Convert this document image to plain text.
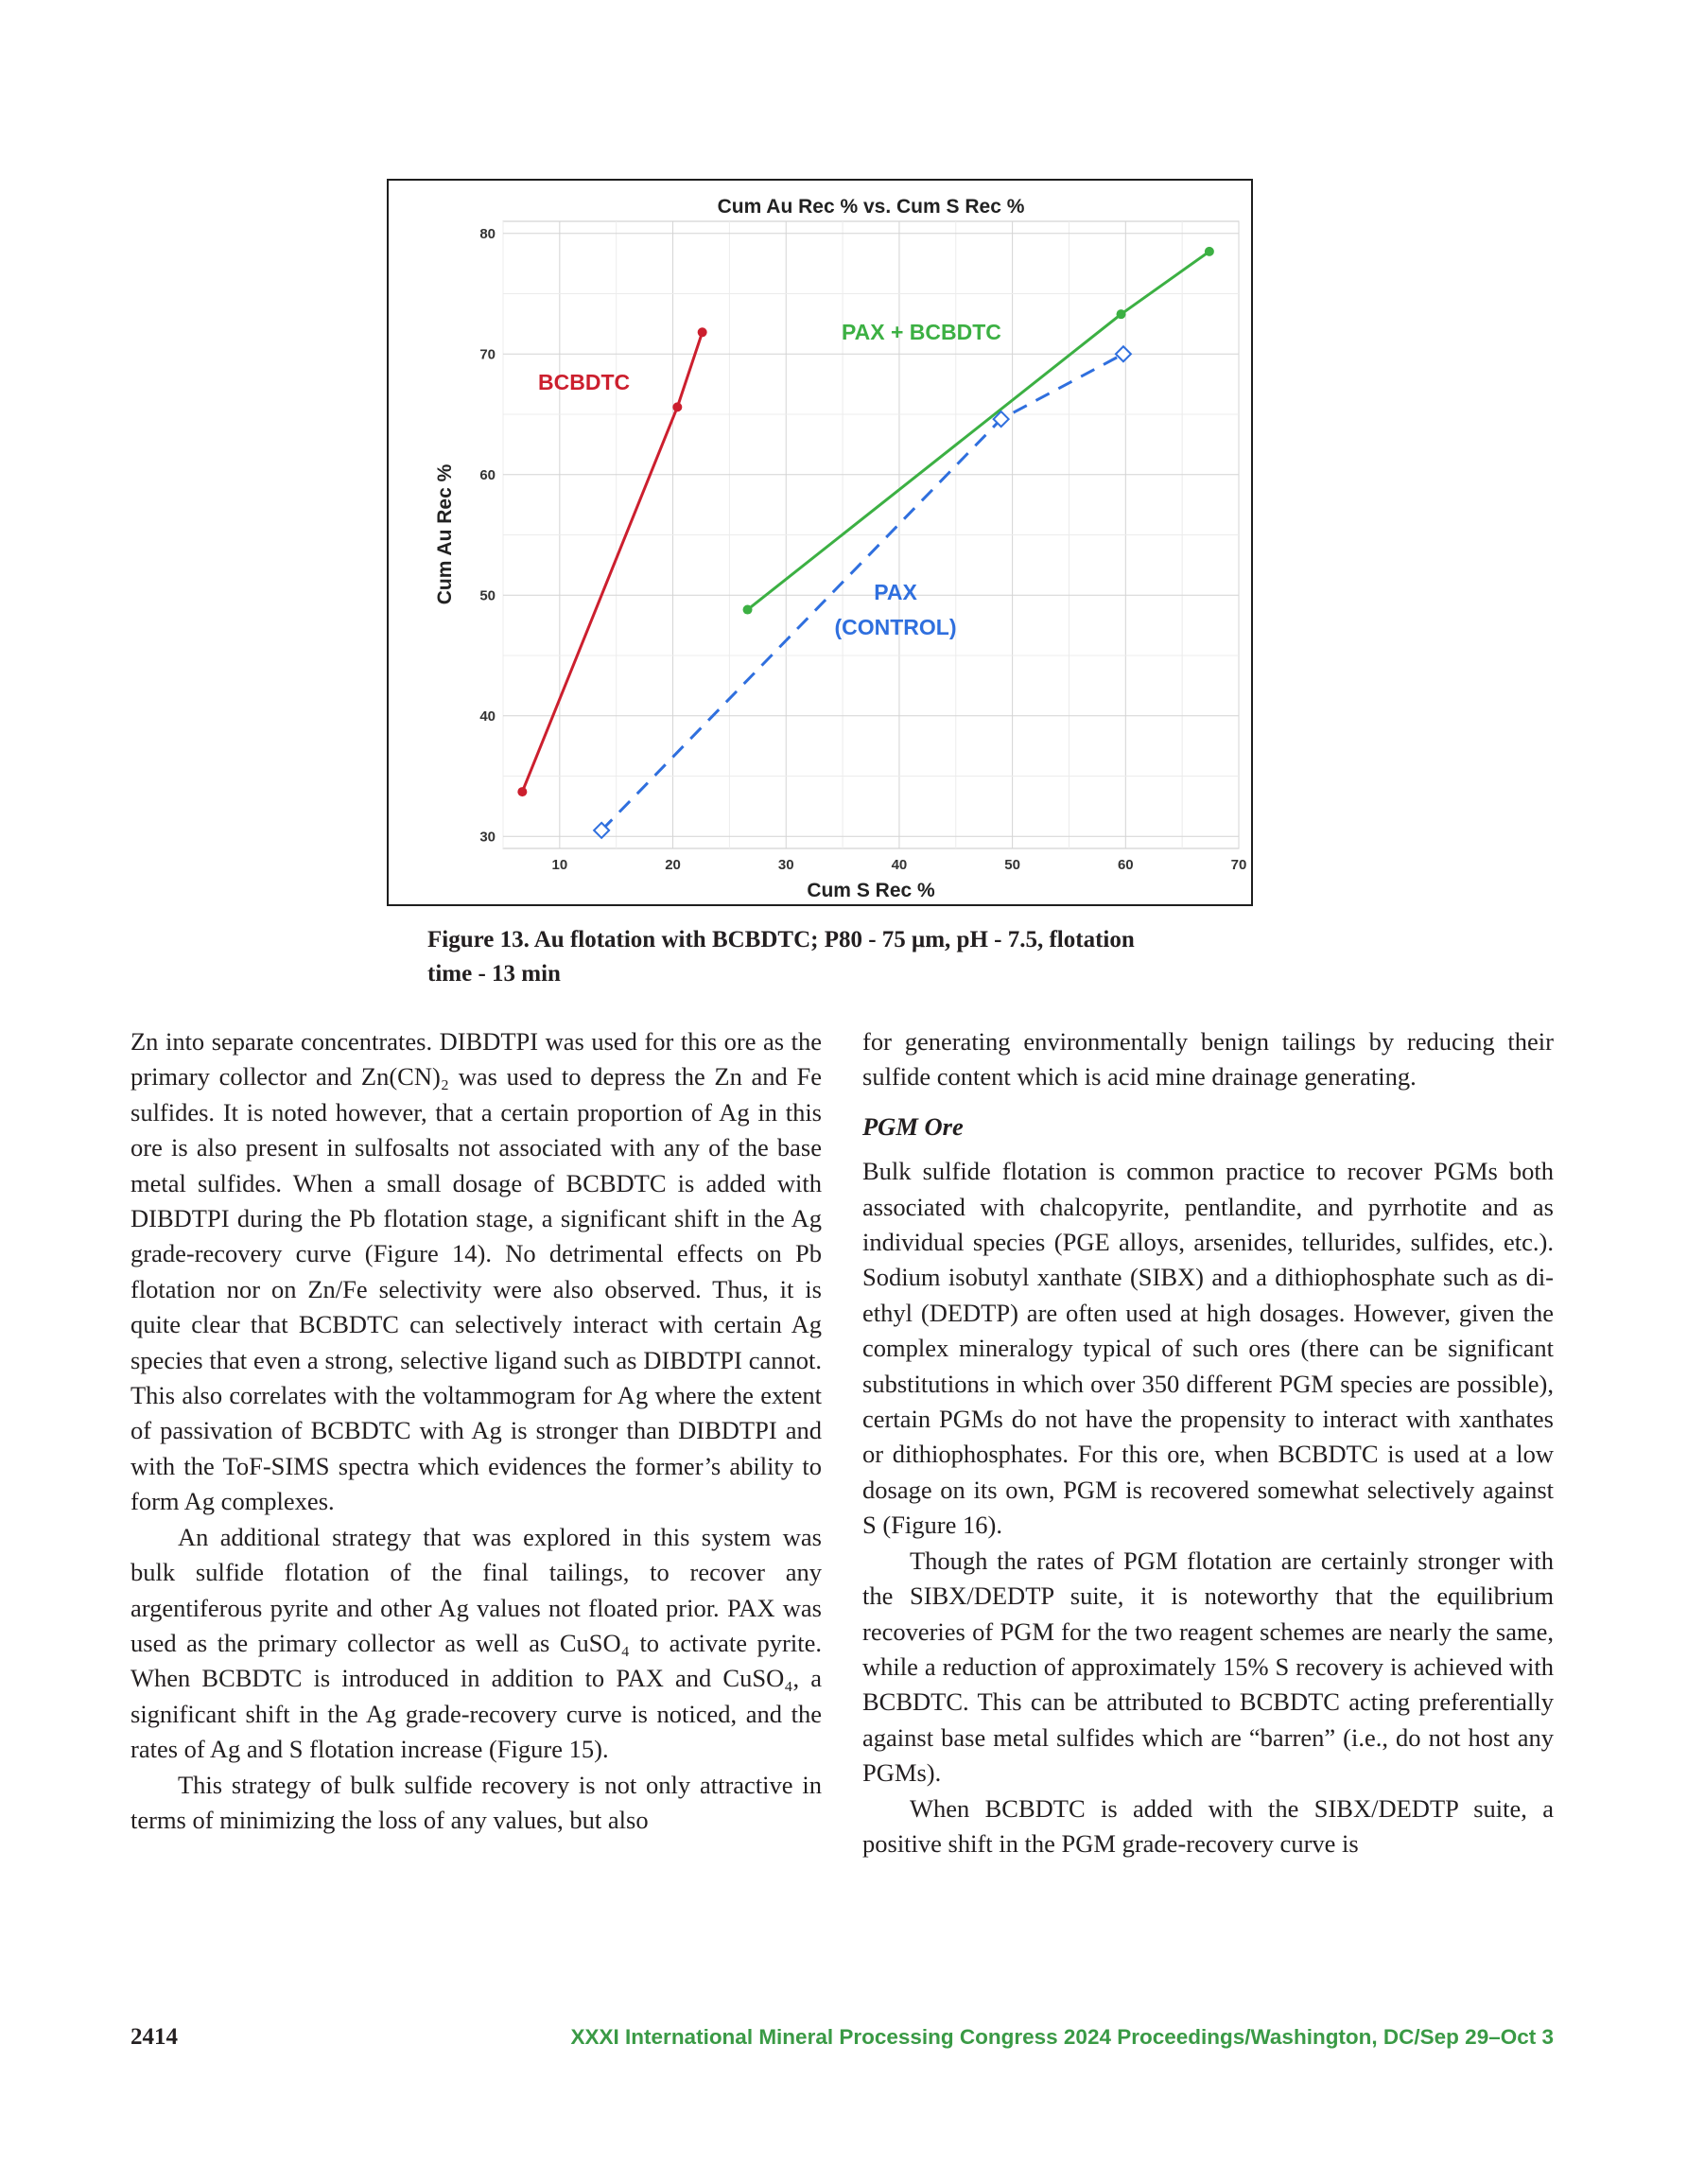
10	20	30	40	50	60	70
30
40
50
60
70
80
Cum Au Rec % vs. Cum S Rec %
Cum S Rec %
Cum Au Rec %
BCBDTC
PAX + BCBDTC
PAX
(CONTROL)
Figure 13. Au flotation with BCBDTC; P80 - 75 μm, pH - 7.5, flotation
time - 13 min

Zn into separate concentrates. DIBDTPI was used for this ore as the primary collector and Zn(CN)₂ was used to depress the Zn and Fe sulfides. It is noted however, that a certain proportion of Ag in this ore is also present in sulfosalts not associated with any of the base metal sulfides. When a small dosage of BCBDTC is added with DIBDTPI during the Pb flotation stage, a significant shift in the Ag grade-recovery curve (Figure 14). No detrimental effects on Pb flotation nor on Zn/Fe selectivity were also observed. Thus, it is quite clear that BCBDTC can selectively interact with certain Ag species that even a strong, selective ligand such as DIBDTPI cannot. This also correlates with the voltammogram for Ag where the extent of passivation of BCBDTC with Ag is stronger than DIBDTPI and with the ToF-SIMS spectra which evidences the former’s ability to form Ag complexes.

An additional strategy that was explored in this system was bulk sulfide flotation of the final tailings, to recover any argentiferous pyrite and other Ag values not floated prior. PAX was used as the primary collector as well as CuSO₄ to activate pyrite. When BCBDTC is introduced in addition to PAX and CuSO₄, a significant shift in the Ag grade-recovery curve is noticed, and the rates of Ag and S flotation increase (Figure 15).

This strategy of bulk sulfide recovery is not only attractive in terms of minimizing the loss of any values, but also

for generating environmentally benign tailings by reducing their sulfide content which is acid mine drainage generating.

PGM Ore

Bulk sulfide flotation is common practice to recover PGMs both associated with chalcopyrite, pentlandite, and pyrrhotite and as individual species (PGE alloys, arsenides, tellurides, sulfides, etc.). Sodium isobutyl xanthate (SIBX) and a dithiophosphate such as di-ethyl (DEDTP) are often used at high dosages. However, given the complex mineralogy typical of such ores (there can be significant substitutions in which over 350 different PGM species are possible), certain PGMs do not have the propensity to interact with xanthates or dithiophosphates. For this ore, when BCBDTC is used at a low dosage on its own, PGM is recovered somewhat selectively against S (Figure 16).

Though the rates of PGM flotation are certainly stronger with the SIBX/DEDTP suite, it is noteworthy that the equilibrium recoveries of PGM for the two reagent schemes are nearly the same, while a reduction of approximately 15% S recovery is achieved with BCBDTC. This can be attributed to BCBDTC acting preferentially against base metal sulfides which are “barren” (i.e., do not host any PGMs).

When BCBDTC is added with the SIBX/DEDTP suite, a positive shift in the PGM grade-recovery curve is

2414	XXXI International Mineral Processing Congress 2024 Proceedings/Washington, DC/Sep 29–Oct 3
